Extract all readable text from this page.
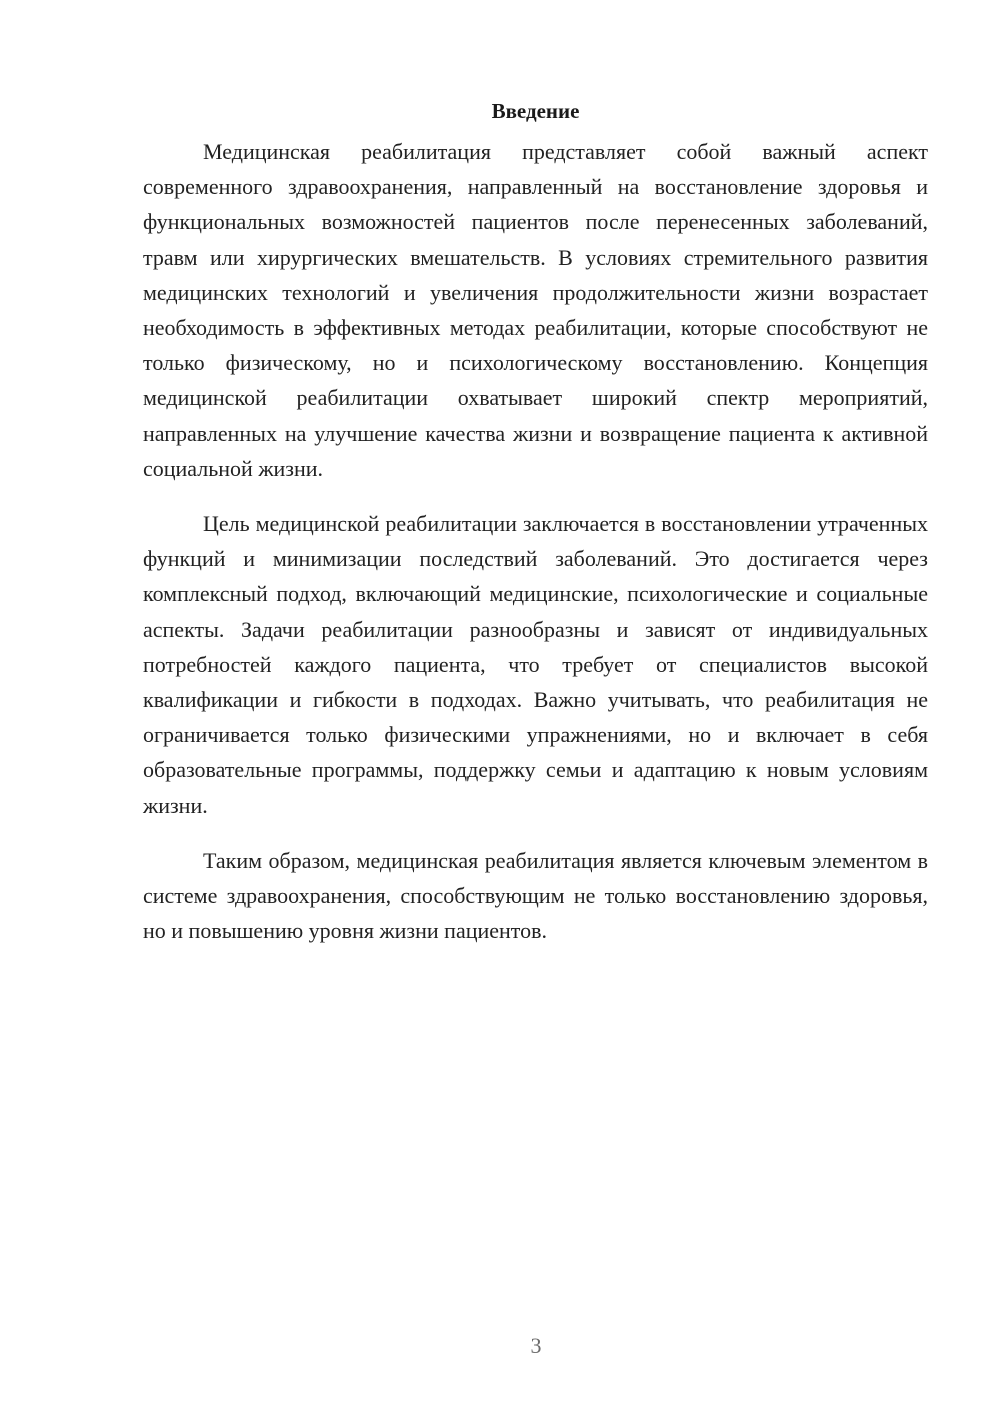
Введение

Медицинская реабилитация представляет собой важный аспект современного здравоохранения, направленный на восстановление здоровья и функциональных возможностей пациентов после перенесенных заболеваний, травм или хирургических вмешательств. В условиях стремительного развития медицинских технологий и увеличения продолжительности жизни возрастает необходимость в эффективных методах реабилитации, которые способствуют не только физическому, но и психологическому восстановлению. Концепция медицинской реабилитации охватывает широкий спектр мероприятий, направленных на улучшение качества жизни и возвращение пациента к активной социальной жизни.

Цель медицинской реабилитации заключается в восстановлении утраченных функций и минимизации последствий заболеваний. Это достигается через комплексный подход, включающий медицинские, психологические и социальные аспекты. Задачи реабилитации разнообразны и зависят от индивидуальных потребностей каждого пациента, что требует от специалистов высокой квалификации и гибкости в подходах. Важно учитывать, что реабилитация не ограничивается только физическими упражнениями, но и включает в себя образовательные программы, поддержку семьи и адаптацию к новым условиям жизни.

Таким образом, медицинская реабилитация является ключевым элементом в системе здравоохранения, способствующим не только восстановлению здоровья, но и повышению уровня жизни пациентов.

3
